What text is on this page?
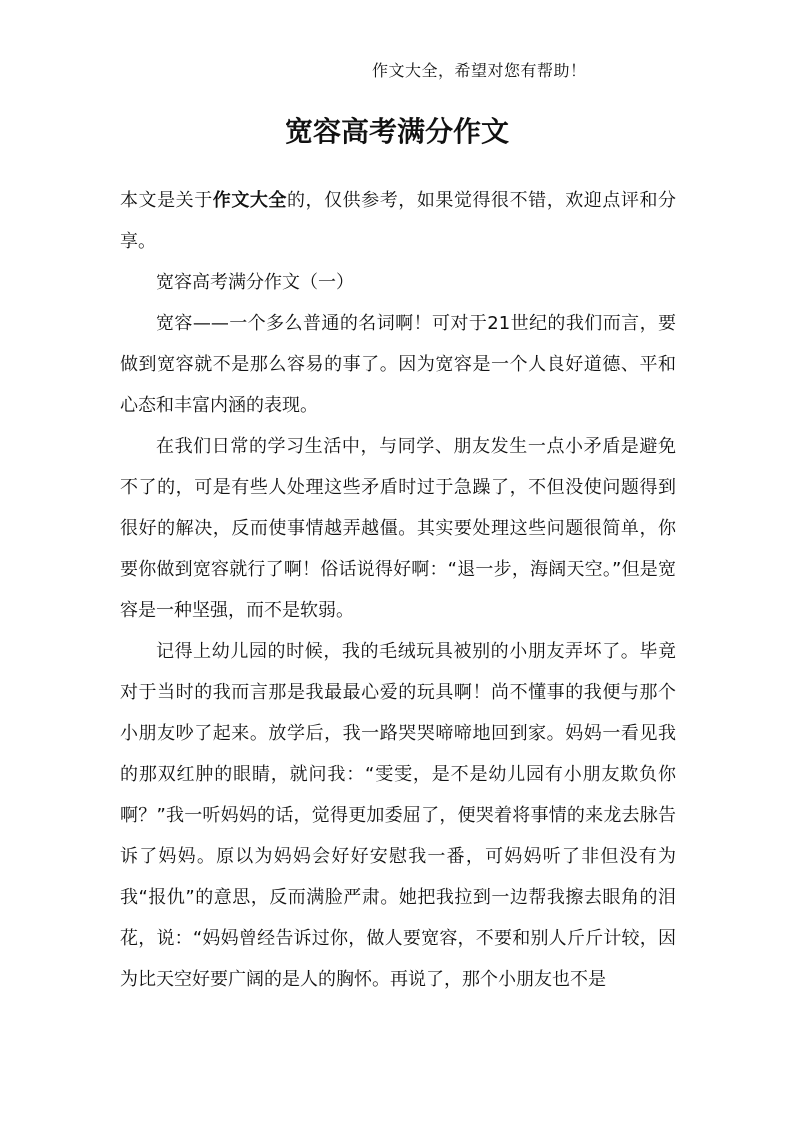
作文大全，希望对您有帮助！
宽容高考满分作文

本文是关于作文大全的，仅供参考，如果觉得很不错，欢迎点评和分享。

宽容高考满分作文（一）

宽容——一个多么普通的名词啊！可对于21世纪的我们而言，要做到宽容就不是那么容易的事了。因为宽容是一个人良好道德、平和心态和丰富内涵的表现。

在我们日常的学习生活中，与同学、朋友发生一点小矛盾是避免不了的，可是有些人处理这些矛盾时过于急躁了，不但没使问题得到很好的解决，反而使事情越弄越僵。其实要处理这些问题很简单，你要你做到宽容就行了啊！俗话说得好啊：“退一步，海阔天空。”但是宽容是一种坚强，而不是软弱。

记得上幼儿园的时候，我的毛绒玩具被别的小朋友弄坏了。毕竟对于当时的我而言那是我最最心爱的玩具啊！尚不懂事的我便与那个小朋友吵了起来。放学后，我一路哭哭啼啼地回到家。妈妈一看见我的那双红肿的眼睛，就问我：“雯雯，是不是幼儿园有小朋友欺负你啊？”我一听妈妈的话，觉得更加委屈了，便哭着将事情的来龙去脉告诉了妈妈。原以为妈妈会好好安慰我一番，可妈妈听了非但没有为我“报仇”的意思，反而满脸严肃。她把我拉到一边帮我擦去眼角的泪花，说：“妈妈曾经告诉过你，做人要宽容，不要和别人斤斤计较，因为比天空好要广阔的是人的胸怀。再说了，那个小朋友也不是
